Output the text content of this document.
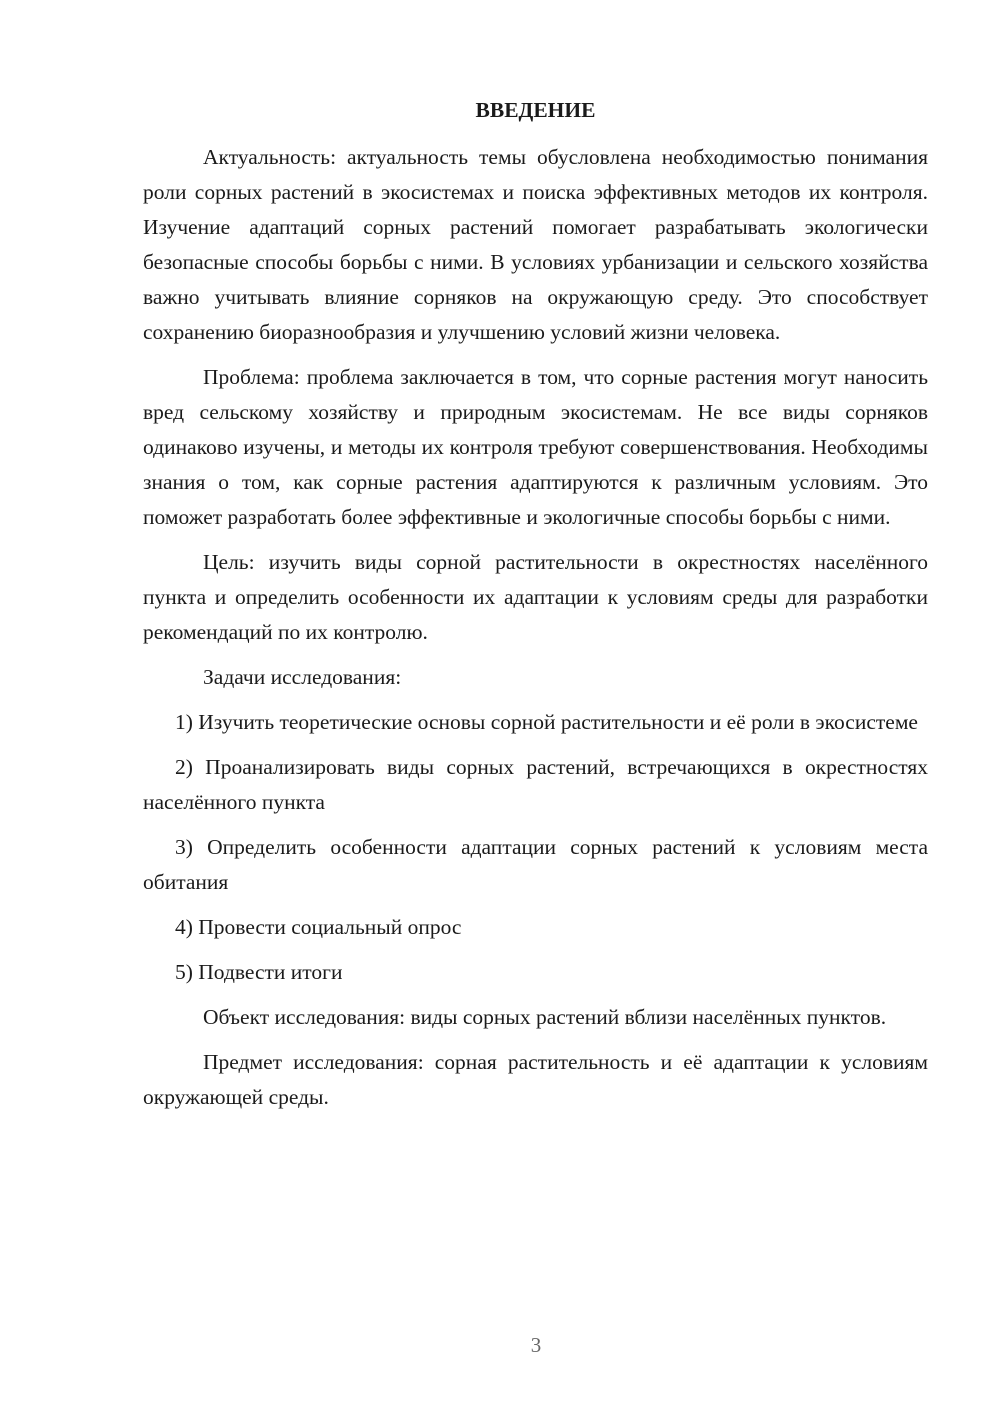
ВВЕДЕНИЕ

Актуальность: актуальность темы обусловлена необходимостью понимания роли сорных растений в экосистемах и поиска эффективных методов их контроля. Изучение адаптаций сорных растений помогает разрабатывать экологически безопасные способы борьбы с ними. В условиях урбанизации и сельского хозяйства важно учитывать влияние сорняков на окружающую среду. Это способствует сохранению биоразнообразия и улучшению условий жизни человека.

Проблема: проблема заключается в том, что сорные растения могут наносить вред сельскому хозяйству и природным экосистемам. Не все виды сорняков одинаково изучены, и методы их контроля требуют совершенствования. Необходимы знания о том, как сорные растения адаптируются к различным условиям. Это поможет разработать более эффективные и экологичные способы борьбы с ними.

Цель: изучить виды сорной растительности в окрестностях населённого пункта и определить особенности их адаптации к условиям среды для разработки рекомендаций по их контролю.

Задачи исследования:

1) Изучить теоретические основы сорной растительности и её роли в экосистеме

2) Проанализировать виды сорных растений, встречающихся в окрестностях населённого пункта

3) Определить особенности адаптации сорных растений к условиям места обитания

4) Провести социальный опрос

5) Подвести итоги

Объект исследования: виды сорных растений вблизи населённых пунктов.

Предмет исследования: сорная растительность и её адаптации к условиям окружающей среды.

3
